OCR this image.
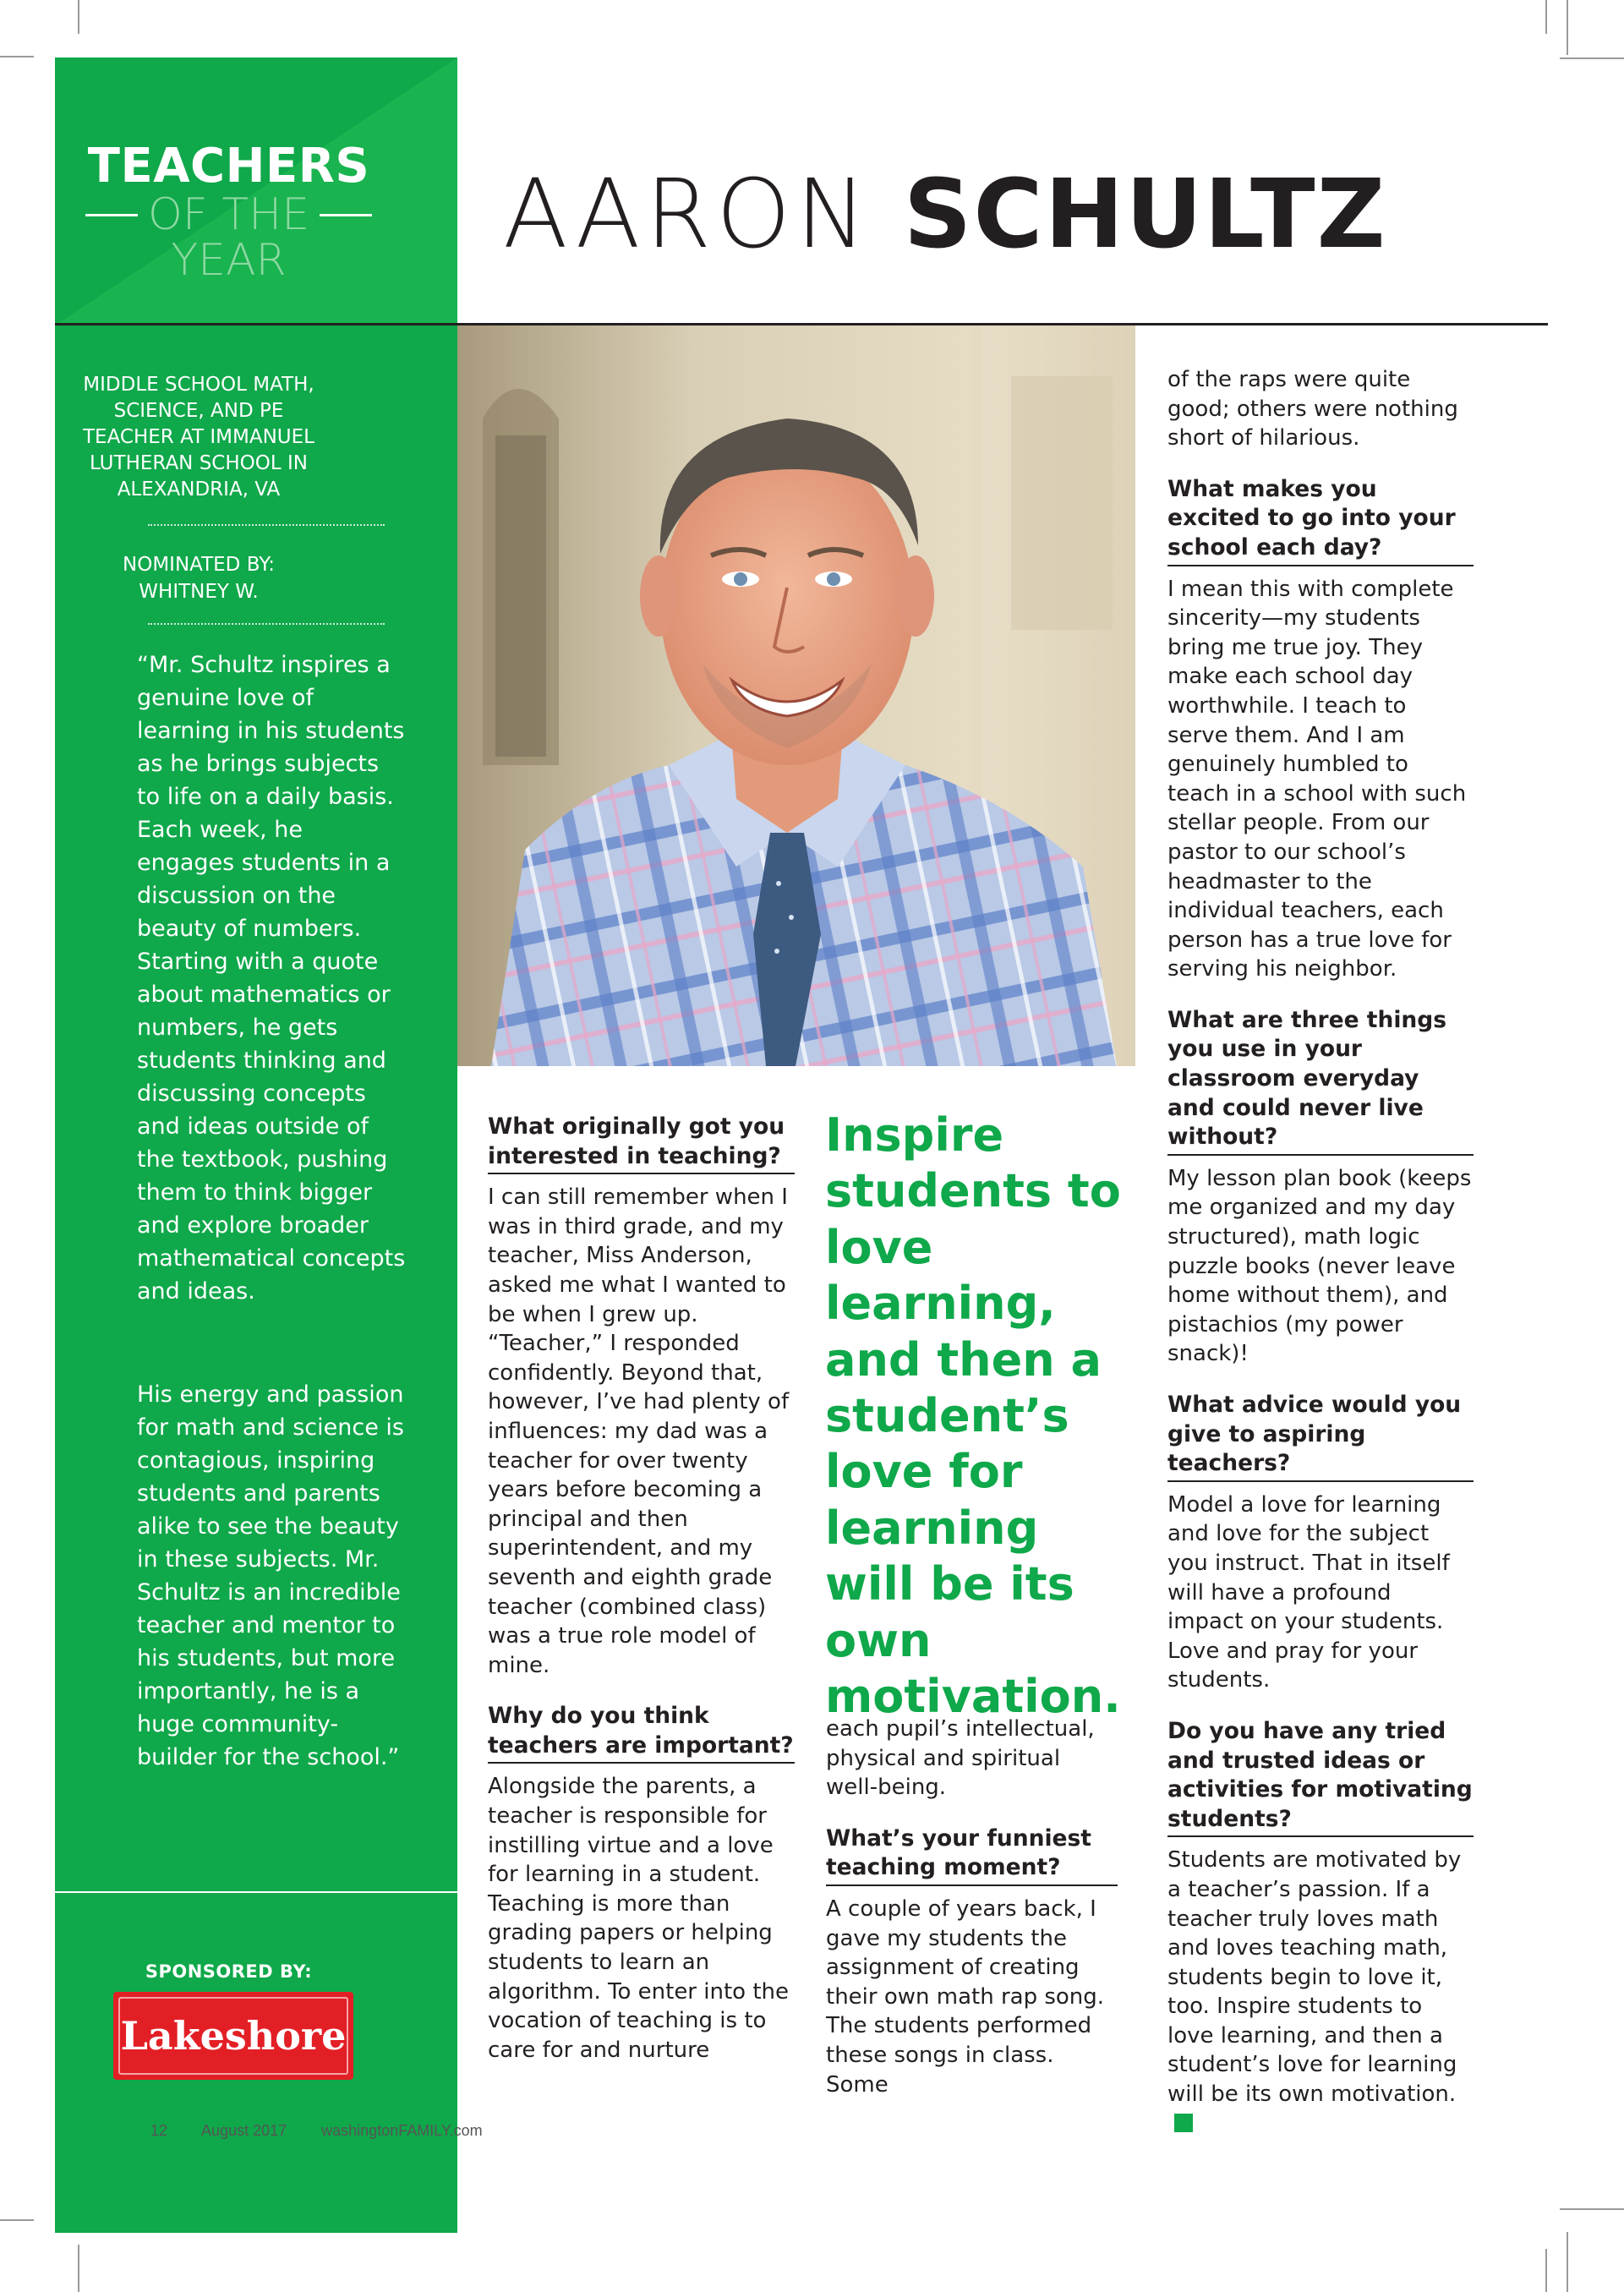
TEACHERS
OF THE
YEAR
MIDDLE SCHOOL MATH, SCIENCE, AND PE TEACHER AT IMMANUEL LUTHERAN SCHOOL IN ALEXANDRIA, VA
NOMINATED BY:
WHITNEY W.
“Mr. Schultz inspires a genuine love of learning in his students as he brings subjects to life on a daily basis. Each week, he engages students in a discussion on the beauty of numbers. Starting with a quote about mathematics or numbers, he gets students thinking and discussing concepts and ideas outside of the textbook, pushing them to think bigger and explore broader mathematical concepts and ideas.
His energy and passion for math and science is contagious, inspiring students and parents alike to see the beauty in these subjects. Mr. Schultz is an incredible teacher and mentor to his students, but more importantly, he is a huge community-builder for the school.”
SPONSORED BY:
Lakeshore
12 August 2017 washingtonFAMILY.com
AARON SCHULTZ
What originally got you interested in teaching?
I can still remember when I was in third grade, and my teacher, Miss Anderson, asked me what I wanted to be when I grew up. “Teacher,” I responded confidently. Beyond that, however, I’ve had plenty of influences: my dad was a teacher for over twenty years before becoming a principal and then superintendent, and my seventh and eighth grade teacher (combined class) was a true role model of mine.
Why do you think teachers are important?
Alongside the parents, a teacher is responsible for instilling virtue and a love for learning in a student. Teaching is more than grading papers or helping students to learn an algorithm. To enter into the vocation of teaching is to care for and nurture
Inspire students to love learning, and then a student’s love for learning will be its own motivation.
each pupil’s intellectual, physical and spiritual well-being.
What’s your funniest teaching moment?
A couple of years back, I gave my students the assignment of creating their own math rap song. The students performed these songs in class. Some
of the raps were quite good; others were nothing short of hilarious.
What makes you excited to go into your school each day?
I mean this with complete sincerity—my students bring me true joy. They make each school day worthwhile. I teach to serve them. And I am genuinely humbled to teach in a school with such stellar people. From our pastor to our school’s headmaster to the individual teachers, each person has a true love for serving his neighbor.
What are three things you use in your classroom everyday and could never live without?
My lesson plan book (keeps me organized and my day structured), math logic puzzle books (never leave home without them), and pistachios (my power snack)!
What advice would you give to aspiring teachers?
Model a love for learning and love for the subject you instruct. That in itself will have a profound impact on your students. Love and pray for your students.
Do you have any tried and trusted ideas or activities for motivating students?
Students are motivated by a teacher’s passion. If a teacher truly loves math and loves teaching math, students begin to love it, too. Inspire students to love learning, and then a student’s love for learning will be its own motivation.
